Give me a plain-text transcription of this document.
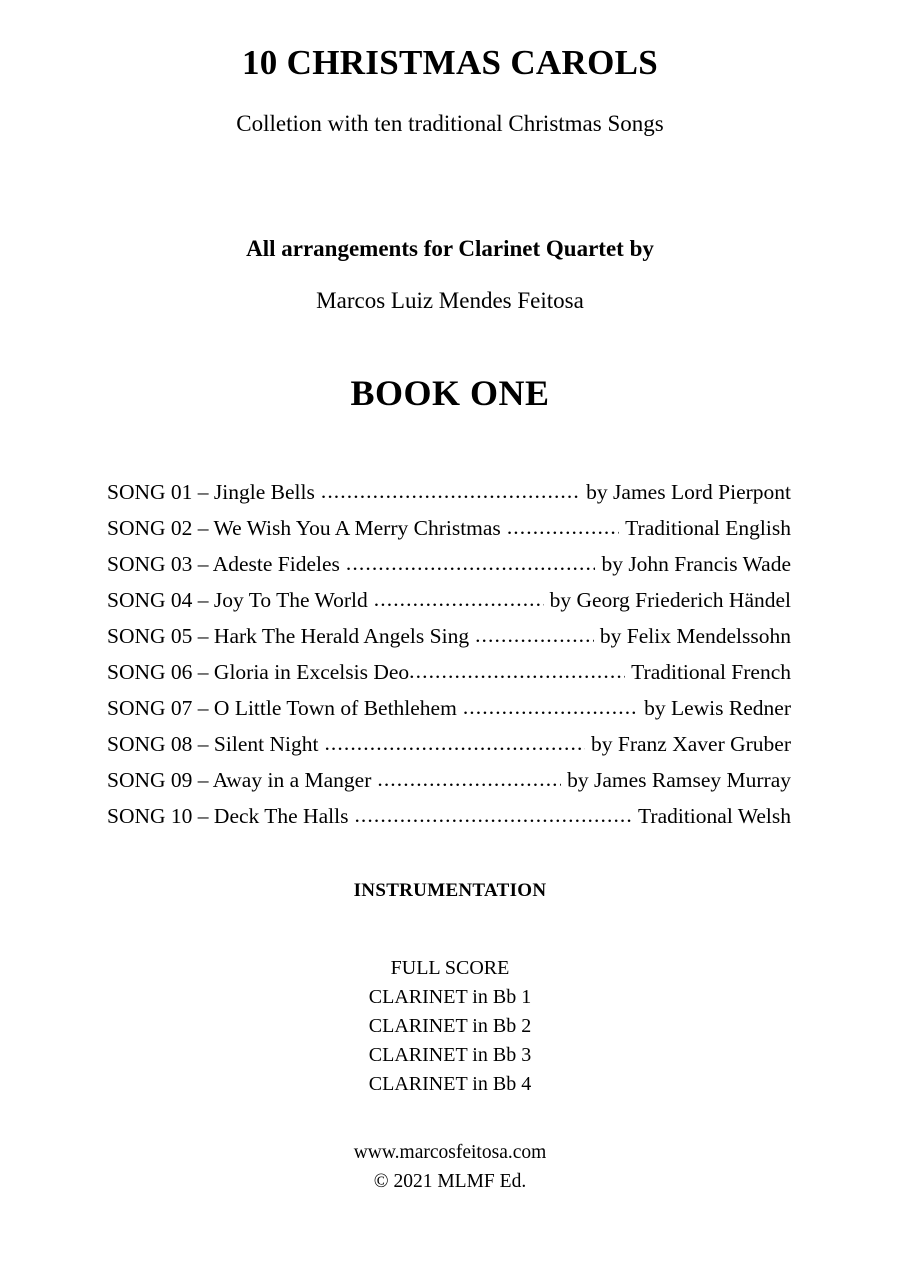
10 CHRISTMAS CAROLS
Colletion with ten traditional Christmas Songs
All arrangements for Clarinet Quartet by
Marcos Luiz Mendes Feitosa
BOOK ONE
SONG 01 – Jingle Bells .....	by James Lord Pierpont
SONG 02 – We Wish You A Merry Christmas .....	Traditional English
SONG 03 – Adeste Fideles .....	by John Francis Wade
SONG 04 – Joy To The World .....	by Georg Friederich Händel
SONG 05 – Hark The Herald Angels Sing .....	by Felix Mendelssohn
SONG 06 – Gloria in Excelsis Deo .....	Traditional French
SONG 07 – O Little Town of Bethlehem .....	by Lewis Redner
SONG 08 – Silent Night .....	by Franz Xaver Gruber
SONG 09 – Away in a Manger .....	by James Ramsey Murray
SONG 10 – Deck The Halls .....	Traditional Welsh
INSTRUMENTATION
FULL SCORE
CLARINET in Bb 1
CLARINET in Bb 2
CLARINET in Bb 3
CLARINET in Bb 4
www.marcosfeitosa.com
© 2021 MLMF Ed.
